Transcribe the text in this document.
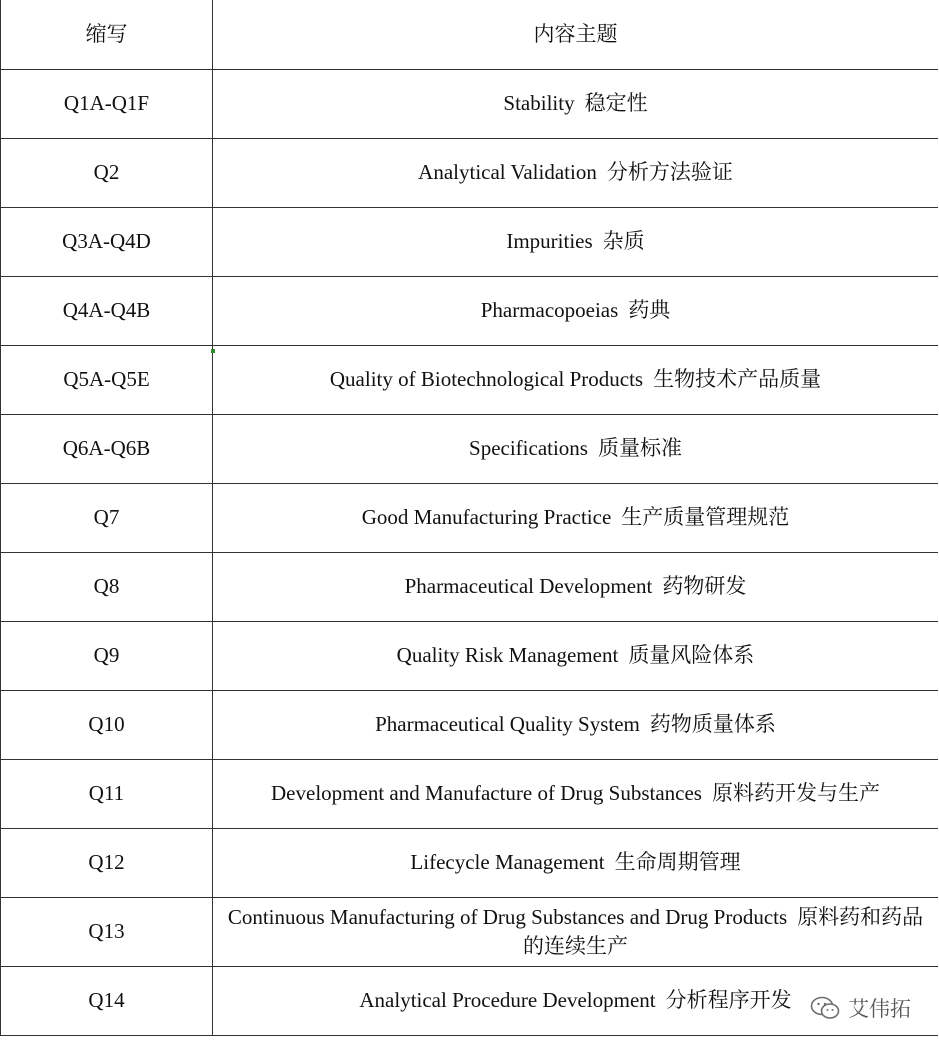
缩写	内容主题
Q1A-Q1F	Stability 稳定性
Q2	Analytical Validation 分析方法验证
Q3A-Q4D	Impurities 杂质
Q4A-Q4B	Pharmacopoeias 药典
Q5A-Q5E	Quality of Biotechnological Products 生物技术产品质量
Q6A-Q6B	Specifications 质量标准
Q7	Good Manufacturing Practice 生产质量管理规范
Q8	Pharmaceutical Development 药物研发
Q9	Quality Risk Management 质量风险体系
Q10	Pharmaceutical Quality System 药物质量体系
Q11	Development and Manufacture of Drug Substances 原料药开发与生产
Q12	Lifecycle Management 生命周期管理
Q13	Continuous Manufacturing of Drug Substances and Drug Products 原料药和药品的连续生产
Q14	Analytical Procedure Development 分析程序开发	艾伟拓
